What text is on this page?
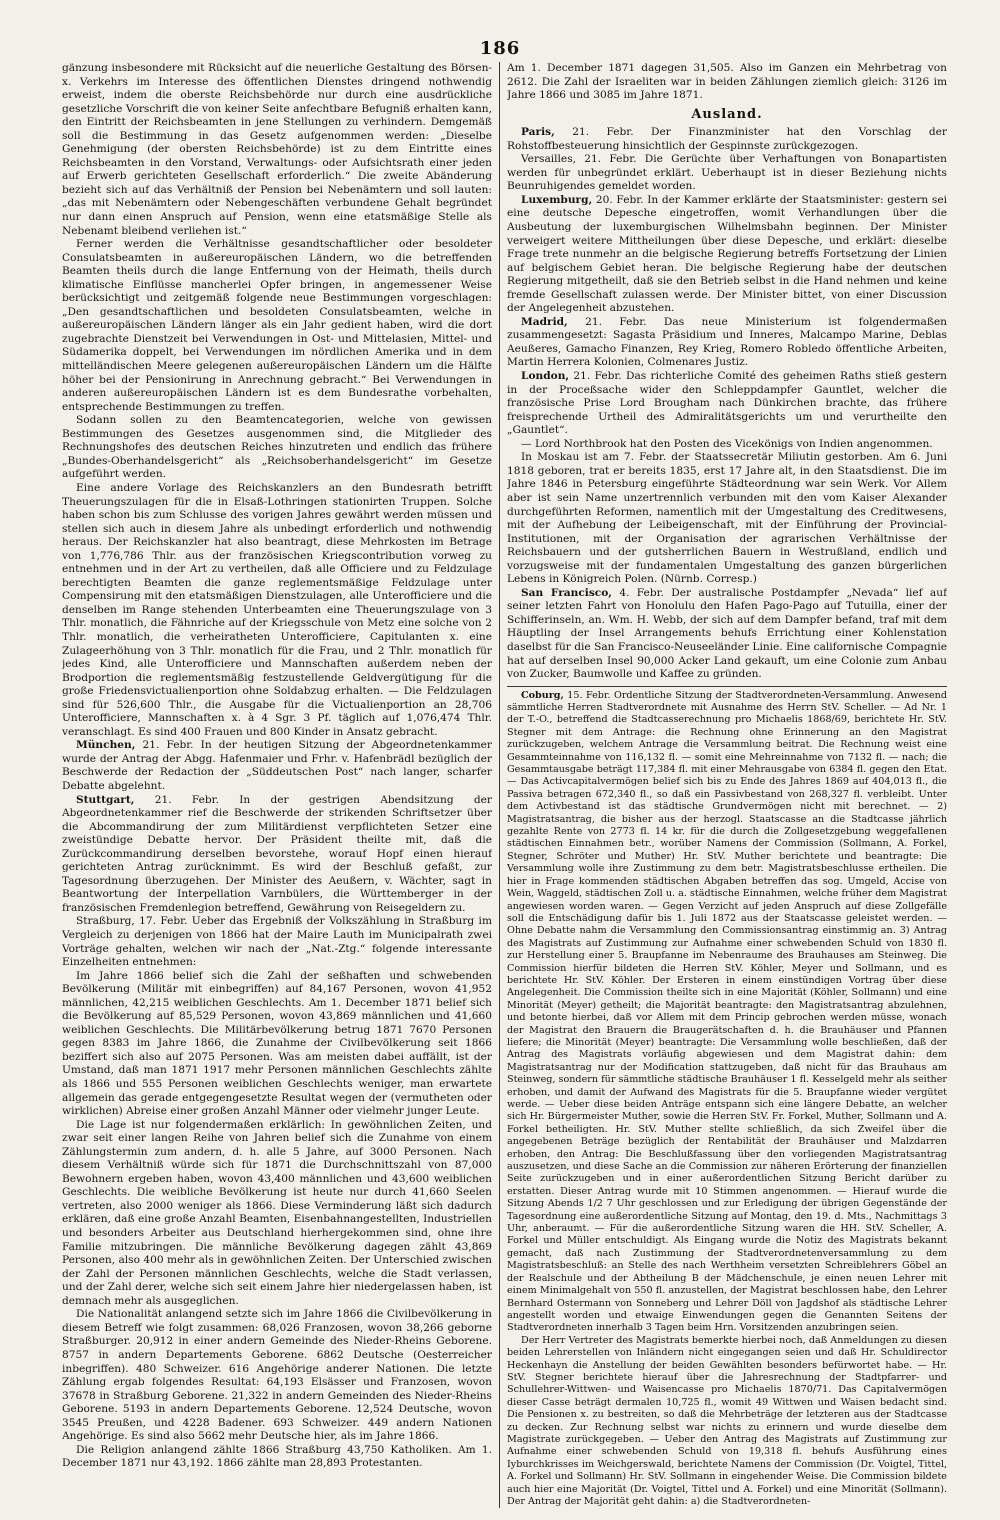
186

gänzung insbesondere mit Rücksicht auf die neuerliche Gestaltung des Börsen- x. Verkehrs im Interesse des öffentlichen Dienstes dringend nothwendig erweist, indem die oberste Reichsbehörde nur durch eine ausdrückliche gesetzliche Vorschrift die von keiner Seite anfechtbare Befugniß erhalten kann, den Eintritt der Reichsbeamten in jene Stellungen zu verhindern. Demgemäß soll die Bestimmung in das Gesetz aufgenommen werden: „Dieselbe Genehmigung (der obersten Reichsbehörde) ist zu dem Eintritte eines Reichsbeamten in den Vorstand, Verwaltungs- oder Aufsichtsrath einer jeden auf Erwerb gerichteten Gesellschaft erforderlich.“ Die zweite Abänderung bezieht sich auf das Verhältniß der Pension bei Nebenämtern und soll lauten: „das mit Nebenämtern oder Nebengeschäften verbundene Gehalt begründet nur dann einen Anspruch auf Pension, wenn eine etatsmäßige Stelle als Nebenamt bleibend verliehen ist.“

Ferner werden die Verhältnisse gesandtschaftlicher oder besoldeter Consulatsbeamten in außereuropäischen Ländern, wo die betreffenden Beamten theils durch die lange Entfernung von der Heimath, theils durch klimatische Einflüsse mancherlei Opfer bringen, in angemessener Weise berücksichtigt und zeitgemäß folgende neue Bestimmungen vorgeschlagen: „Den gesandtschaftlichen und besoldeten Consulatsbeamten, welche in außereuropäischen Ländern länger als ein Jahr gedient haben, wird die dort zugebrachte Dienstzeit bei Verwendungen in Ost- und Mittelasien, Mittel- und Südamerika doppelt, bei Verwendungen im nördlichen Amerika und in dem mittelländischen Meere gelegenen außereuropäischen Ländern um die Hälfte höher bei der Pensionirung in Anrechnung gebracht.“ Bei Verwendungen in anderen außereuropäischen Ländern ist es dem Bundesrathe vorbehalten, entsprechende Bestimmungen zu treffen.

Sodann sollen zu den Beamtencategorien, welche von gewissen Bestimmungen des Gesetzes ausgenommen sind, die Mitglieder des Rechnungshofes des deutschen Reiches hinzutreten und endlich das frühere „Bundes-Oberhandelsgericht“ als „Reichsoberhandelsgericht“ im Gesetze aufgeführt werden.

Eine andere Vorlage des Reichskanzlers an den Bundesrath betrifft Theuerungszulagen für die in Elsaß-Lothringen stationirten Truppen. Solche haben schon bis zum Schlusse des vorigen Jahres gewährt werden müssen und stellen sich auch in diesem Jahre als unbedingt erforderlich und nothwendig heraus. Der Reichskanzler hat also beantragt, diese Mehrkosten im Betrage von 1,776,786 Thlr. aus der französischen Kriegscontribution vorweg zu entnehmen und in der Art zu vertheilen, daß alle Officiere und zu Feldzulage berechtigten Beamten die ganze reglementsmäßige Feldzulage unter Compensirung mit den etatsmäßigen Dienstzulagen, alle Unterofficiere und die denselben im Range stehenden Unterbeamten eine Theuerungszulage von 3 Thlr. monatlich, die Fähnriche auf der Kriegsschule von Metz eine solche von 2 Thlr. monatlich, die verheiratheten Unterofficiere, Capitulanten x. eine Zulageerhöhung von 3 Thlr. monatlich für die Frau, und 2 Thlr. monatlich für jedes Kind, alle Unterofficiere und Mannschaften außerdem neben der Brodportion die reglementsmäßig festzustellende Geldvergütigung für die große Friedensvictualienportion ohne Soldabzug erhalten. — Die Feldzulagen sind für 526,600 Thlr., die Ausgabe für die Victualienportion an 28,706 Unterofficiere, Mannschaften x. à 4 Sgr. 3 Pf. täglich auf 1,076,474 Thlr. veranschlagt. Es sind 400 Frauen und 800 Kinder in Ansatz gebracht.

München, 21. Febr. In der heutigen Sitzung der Abgeordnetenkammer wurde der Antrag der Abgg. Hafenmaier und Frhr. v. Hafenbrädl bezüglich der Beschwerde der Redaction der „Süddeutschen Post“ nach langer, scharfer Debatte abgelehnt.

Stuttgart, 21. Febr. In der gestrigen Abendsitzung der Abgeordnetenkammer rief die Beschwerde der strikenden Schriftsetzer über die Abcommandirung der zum Militärdienst verpflichteten Setzer eine zweistündige Debatte hervor. Der Präsident theilte mit, daß die Zurückcommandirung derselben bevorstehe, worauf Hopf einen hierauf gerichteten Antrag zurücknimmt. Es wird der Beschluß gefaßt, zur Tagesordnung überzugehen. Der Minister des Aeußern, v. Wächter, sagt in Beantwortung der Interpellation Varnbülers, die Württemberger in der französischen Fremdenlegion betreffend, Gewährung von Reisegeldern zu.

Straßburg, 17. Febr. Ueber das Ergebniß der Volkszählung in Straßburg im Vergleich zu derjenigen von 1866 hat der Maire Lauth im Municipalrath zwei Vorträge gehalten, welchen wir nach der „Nat.-Ztg.“ folgende interessante Einzelheiten entnehmen:

Im Jahre 1866 belief sich die Zahl der seßhaften und schwebenden Bevölkerung (Militär mit einbegriffen) auf 84,167 Personen, wovon 41,952 männlichen, 42,215 weiblichen Geschlechts. Am 1. December 1871 belief sich die Bevölkerung auf 85,529 Personen, wovon 43,869 männlichen und 41,660 weiblichen Geschlechts. Die Militärbevölkerung betrug 1871 7670 Personen gegen 8383 im Jahre 1866, die Zunahme der Civilbevölkerung seit 1866 beziffert sich also auf 2075 Personen. Was am meisten dabei auffällt, ist der Umstand, daß man 1871 1917 mehr Personen männlichen Geschlechts zählte als 1866 und 555 Personen weiblichen Geschlechts weniger, man erwartete allgemein das gerade entgegengesetzte Resultat wegen der (vermutheten oder wirklichen) Abreise einer großen Anzahl Männer oder vielmehr junger Leute.

Die Lage ist nur folgendermaßen erklärlich: In gewöhnlichen Zeiten, und zwar seit einer langen Reihe von Jahren belief sich die Zunahme von einem Zählungstermin zum andern, d. h. alle 5 Jahre, auf 3000 Personen. Nach diesem Verhältniß würde sich für 1871 die Durchschnittszahl von 87,000 Bewohnern ergeben haben, wovon 43,400 männlichen und 43,600 weiblichen Geschlechts. Die weibliche Bevölkerung ist heute nur durch 41,660 Seelen vertreten, also 2000 weniger als 1866. Diese Verminderung läßt sich dadurch erklären, daß eine große Anzahl Beamten, Eisenbahnangestellten, Industriellen und besonders Arbeiter aus Deutschland hierhergekommen sind, ohne ihre Familie mitzubringen. Die männliche Bevölkerung dagegen zählt 43,869 Personen, also 400 mehr als in gewöhnlichen Zeiten. Der Unterschied zwischen der Zahl der Personen männlichen Geschlechts, welche die Stadt verlassen, und der Zahl derer, welche sich seit einem Jahre hier niedergelassen haben, ist demnach mehr als ausgeglichen.

Die Nationalität anlangend setzte sich im Jahre 1866 die Civilbevölkerung in diesem Betreff wie folgt zusammen: 68,026 Franzosen, wovon 38,266 geborne Straßburger. 20,912 in einer andern Gemeinde des Nieder-Rheins Geborene. 8757 in andern Departements Geborene. 6862 Deutsche (Oesterreicher inbegriffen). 480 Schweizer. 616 Angehörige anderer Nationen. Die letzte Zählung ergab folgendes Resultat: 64,193 Elsässer und Franzosen, wovon 37678 in Straßburg Geborene. 21,322 in andern Gemeinden des Nieder-Rheins Geborene. 5193 in andern Departements Geborene. 12,524 Deutsche, wovon 3545 Preußen, und 4228 Badener. 693 Schweizer. 449 andern Nationen Angehörige. Es sind also 5662 mehr Deutsche hier, als im Jahre 1866.

Die Religion anlangend zählte 1866 Straßburg 43,750 Katholiken. Am 1. December 1871 nur 43,192. 1866 zählte man 28,893 Protestanten.

Am 1. December 1871 dagegen 31,505. Also im Ganzen ein Mehrbetrag von 2612. Die Zahl der Israeliten war in beiden Zählungen ziemlich gleich: 3126 im Jahre 1866 und 3085 im Jahre 1871.

Ausland.

Paris, 21. Febr. Der Finanzminister hat den Vorschlag der Rohstoffbesteuerung hinsichtlich der Gespinnste zurückgezogen.

Versailles, 21. Febr. Die Gerüchte über Verhaftungen von Bonapartisten werden für unbegründet erklärt. Ueberhaupt ist in dieser Beziehung nichts Beunruhigendes gemeldet worden.

Luxemburg, 20. Febr. In der Kammer erklärte der Staatsminister: gestern sei eine deutsche Depesche eingetroffen, womit Verhandlungen über die Ausbeutung der luxemburgischen Wilhelmsbahn beginnen. Der Minister verweigert weitere Mittheilungen über diese Depesche, und erklärt: dieselbe Frage trete nunmehr an die belgische Regierung betreffs Fortsetzung der Linien auf belgischem Gebiet heran. Die belgische Regierung habe der deutschen Regierung mitgetheilt, daß sie den Betrieb selbst in die Hand nehmen und keine fremde Gesellschaft zulassen werde. Der Minister bittet, von einer Discussion der Angelegenheit abzustehen.

Madrid, 21. Febr. Das neue Ministerium ist folgendermaßen zusammengesetzt: Sagasta Präsidium und Inneres, Malcampo Marine, Deblas Aeußeres, Gamacho Finanzen, Rey Krieg, Romero Robledo öffentliche Arbeiten, Martin Herrera Kolonien, Colmenares Justiz.

London, 21. Febr. Das richterliche Comité des geheimen Raths stieß gestern in der Proceßsache wider den Schleppdampfer Gauntlet, welcher die französische Prise Lord Brougham nach Dünkirchen brachte, das frühere freisprechende Urtheil des Admiralitätsgerichts um und verurtheilte den „Gauntlet“.

— Lord Northbrook hat den Posten des Vicekönigs von Indien angenommen.

In Moskau ist am 7. Febr. der Staatssecretär Miliutin gestorben. Am 6. Juni 1818 geboren, trat er bereits 1835, erst 17 Jahre alt, in den Staatsdienst. Die im Jahre 1846 in Petersburg eingeführte Städteordnung war sein Werk. Vor Allem aber ist sein Name unzertrennlich verbunden mit den vom Kaiser Alexander durchgeführten Reformen, namentlich mit der Umgestaltung des Creditwesens, mit der Aufhebung der Leibeigenschaft, mit der Einführung der Provincial-Institutionen, mit der Organisation der agrarischen Verhältnisse der Reichsbauern und der gutsherrlichen Bauern in Westrußland, endlich und vorzugsweise mit der fundamentalen Umgestaltung des ganzen bürgerlichen Lebens in Königreich Polen. (Nürnb. Corresp.)

San Francisco, 4. Febr. Der australische Postdampfer „Nevada“ lief auf seiner letzten Fahrt von Honolulu den Hafen Pago-Pago auf Tutuilla, einer der Schifferinseln, an. Wm. H. Webb, der sich auf dem Dampfer befand, traf mit dem Häuptling der Insel Arrangements behufs Errichtung einer Kohlenstation daselbst für die San Francisco-Neuseeländer Linie. Eine californische Compagnie hat auf derselben Insel 90,000 Acker Land gekauft, um eine Colonie zum Anbau von Zucker, Baumwolle und Kaffee zu gründen.

Coburg, 15. Febr. Ordentliche Sitzung der Stadtverordneten-Versammlung. Anwesend sämmtliche Herren Stadtverordnete mit Ausnahme des Herrn StV. Scheller. — Ad Nr. 1 der T.-O., betreffend die Stadtcasserechnung pro Michaelis 1868/69, berichtete Hr. StV. Stegner mit dem Antrage: die Rechnung ohne Erinnerung an den Magistrat zurückzugeben, welchem Antrage die Versammlung beitrat. Die Rechnung weist eine Gesammteinnahme von 116,132 fl. — somit eine Mehreinnahme von 7132 fl. — nach; die Gesammtausgabe beträgt 117,384 fl. mit einer Mehrausgabe von 6384 fl. gegen den Etat. — Das Activcapitalvermögen belief sich bis zu Ende des Jahres 1869 auf 404,013 fl., die Passiva betragen 672,340 fl., so daß ein Passivbestand von 268,327 fl. verbleibt. Unter dem Activbestand ist das städtische Grundvermögen nicht mit berechnet. — 2) Magistratsantrag, die bisher aus der herzogl. Staatscasse an die Stadtcasse jährlich gezahlte Rente von 2773 fl. 14 kr. für die durch die Zollgesetzgebung weggefallenen städtischen Einnahmen betr., worüber Namens der Commission (Sollmann, A. Forkel, Stegner, Schröter und Muther) Hr. StV. Muther berichtete und beantragte: Die Versammlung wolle ihre Zustimmung zu dem betr. Magistratsbeschlusse ertheilen. Die hier in Frage kommenden städtischen Abgaben betreffen das sog. Umgeld, Accise von Wein, Waggeld, städtischen Zoll u. a. städtische Einnahmen, welche früher dem Magistrat angewiesen worden waren. — Gegen Verzicht auf jeden Anspruch auf diese Zollgefälle soll die Entschädigung dafür bis 1. Juli 1872 aus der Staatscasse geleistet werden. — Ohne Debatte nahm die Versammlung den Commissionsantrag einstimmig an. 3) Antrag des Magistrats auf Zustimmung zur Aufnahme einer schwebenden Schuld von 1830 fl. zur Herstellung einer 5. Braupfanne im Nebenraume des Brauhauses am Steinweg. Die Commission hierfür bildeten die Herren StV. Köhler, Meyer und Sollmann, und es berichtete Hr. StV. Köhler. Der Ersteren in einem einstündigen Vortrag über diese Angelegenheit. Die Commission theilte sich in eine Majorität (Köhler, Sollmann) und eine Minorität (Meyer) getheilt; die Majorität beantragte: den Magistratsantrag abzulehnen, und betonte hierbei, daß vor Allem mit dem Princip gebrochen werden müsse, wonach der Magistrat den Brauern die Braugerätschaften d. h. die Brauhäuser und Pfannen liefere; die Minorität (Meyer) beantragte: Die Versammlung wolle beschließen, daß der Antrag des Magistrats vorläufig abgewiesen und dem Magistrat dahin: dem Magistratsantrag nur der Modification stattzugeben, daß nicht für das Brauhaus am Steinweg, sondern für sämmtliche städtische Brauhäuser 1 fl. Kesselgeld mehr als seither erhoben, und damit der Aufwand des Magistrats für die 5. Braupfanne wieder vergütet werde. — Ueber diese beiden Anträge entspann sich eine längere Debatte, an welcher sich Hr. Bürgermeister Muther, sowie die Herren StV. Fr. Forkel, Muther, Sollmann und A. Forkel betheiligten. Hr. StV. Muther stellte schließlich, da sich Zweifel über die angegebenen Beträge bezüglich der Rentabilität der Brauhäuser und Malzdarren erhoben, den Antrag: Die Beschlußfassung über den vorliegenden Magistratsantrag auszusetzen, und diese Sache an die Commission zur näheren Erörterung der finanziellen Seite zurückzugeben und in einer außerordentlichen Sitzung Bericht darüber zu erstatten. Dieser Antrag wurde mit 10 Stimmen angenommen. — Hierauf wurde die Sitzung Abends 1/2 7 Uhr geschlossen und zur Erledigung der übrigen Gegenstände der Tagesordnung eine außerordentliche Sitzung auf Montag, den 19. d. Mts., Nachmittags 3 Uhr, anberaumt. — Für die außerordentliche Sitzung waren die HH. StV. Scheller, A. Forkel und Müller entschuldigt. Als Eingang wurde die Notiz des Magistrats bekannt gemacht, daß nach Zustimmung der Stadtverordnetenversammlung zu dem Magistratsbeschluß: an Stelle des nach Werthheim versetzten Schreiblehrers Göbel an der Realschule und der Abtheilung B der Mädchenschule, je einen neuen Lehrer mit einem Minimalgehalt von 550 fl. anzustellen, der Magistrat beschlossen habe, den Lehrer Bernhard Ostermann von Sonneberg und Lehrer Döll von Jagdshof als städtische Lehrer angestellt worden und etwaige Einwendungen gegen die Genannten Seitens der Stadtverordneten innerhalb 3 Tagen beim Hrn. Vorsitzenden anzubringen seien.

Der Herr Vertreter des Magistrats bemerkte hierbei noch, daß Anmeldungen zu diesen beiden Lehrerstellen von Inländern nicht eingegangen seien und daß Hr. Schuldirector Heckenhayn die Anstellung der beiden Gewählten besonders befürwortet habe. — Hr. StV. Stegner berichtete hierauf über die Jahresrechnung der Stadtpfarrer- und Schullehrer-Wittwen- und Waisencasse pro Michaelis 1870/71. Das Capitalvermögen dieser Casse beträgt dermalen 10,725 fl., womit 49 Wittwen und Waisen bedacht sind. Die Pensionen x. zu bestreiten, so daß die Mehrbeträge der letzteren aus der Stadtcasse zu decken. Zur Rechnung selbst war nichts zu erinnern und wurde dieselbe dem Magistrate zurückgegeben. — Ueber den Antrag des Magistrats auf Zustimmung zur Aufnahme einer schwebenden Schuld von 19,318 fl. behufs Ausführung eines Iyburchkrisses im Weichgerswald, berichtete Namens der Commission (Dr. Voigtel, Tittel, A. Forkel und Sollmann) Hr. StV. Sollmann in eingehender Weise. Die Commission bildete auch hier eine Majorität (Dr. Voigtel, Tittel und A. Forkel) und eine Minorität (Sollmann). Der Antrag der Majorität geht dahin: a) die Stadtverordneten-
